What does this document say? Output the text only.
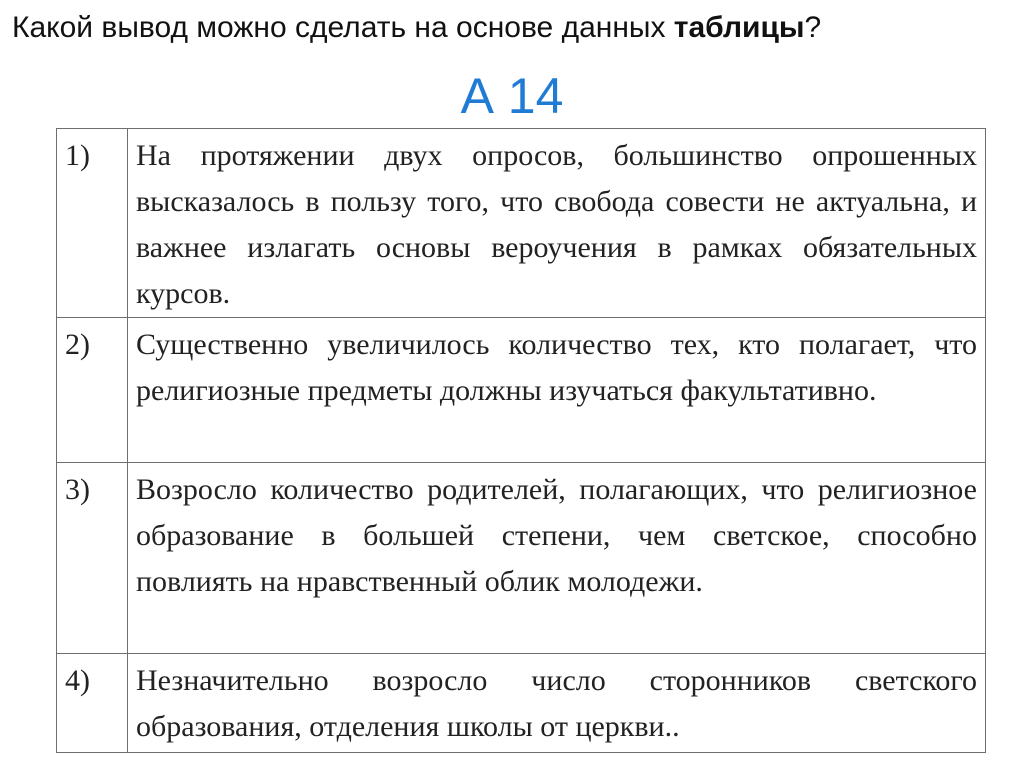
Какой вывод можно сделать на основе данных таблицы?
А 14
1)	На протяжении двух опросов, большинство опрошенных высказалось в пользу того, что свобода совести не актуальна, и важнее излагать основы вероучения в рамках обязательных курсов.
2)	Существенно увеличилось количество тех, кто полагает, что религиозные предметы должны изучаться факультативно.
3)	Возросло количество родителей, полагающих, что религиозное образование в большей степени, чем светское, способно повлиять на нравственный облик молодежи.
4)	Незначительно возросло число сторонников светского образования, отделения школы от церкви..
